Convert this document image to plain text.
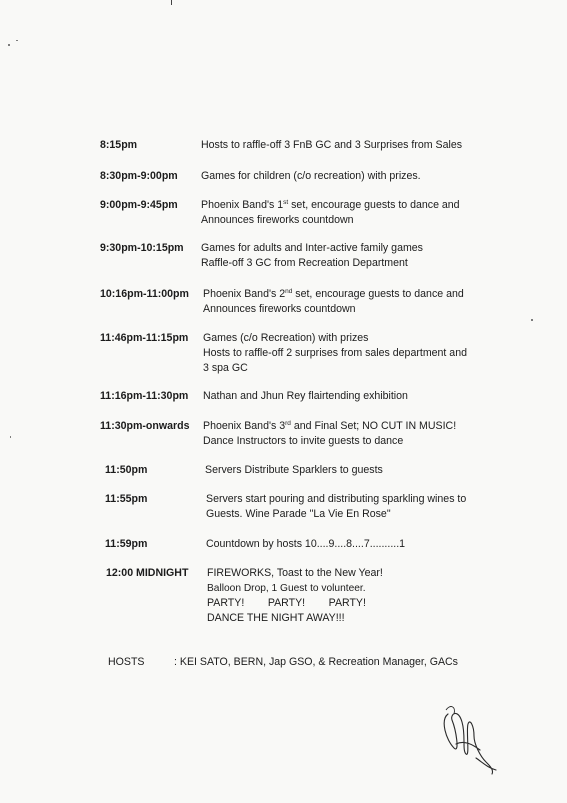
8:15pm	Hosts to raffle-off 3 FnB GC and 3 Surprises from Sales
8:30pm-9:00pm Games for children (c/o recreation) with prizes.
9:00pm-9:45pm Phoenix Band's 1st set, encourage guests to dance and
Announces fireworks countdown
9:30pm-10:15pm Games for adults and Inter-active family games
Raffle-off 3 GC from Recreation Department
10:16pm-11:00pm Phoenix Band's 2nd set, encourage guests to dance and
Announces fireworks countdown
11:46pm-11:15pm Games (c/o Recreation) with prizes
Hosts to raffle-off 2 surprises from sales department and
3 spa GC
11:16pm-11:30pm Nathan and Jhun Rey flairtending exhibition
11:30pm-onwards Phoenix Band's 3rd and Final Set; NO CUT IN MUSIC!
Dance Instructors to invite guests to dance
11:50pm	Servers Distribute Sparklers to guests
11:55pm	Servers start pouring and distributing sparkling wines to
Guests. Wine Parade "La Vie En Rose"
11:59pm	Countdown by hosts 10....9....8....7..........1
12:00 MIDNIGHT FIREWORKS, Toast to the New Year!
Balloon Drop, 1 Guest to volunteer.
PARTY!        PARTY!        PARTY!
DANCE THE NIGHT AWAY!!!
HOSTS	: KEI SATO, BERN, Jap GSO, & Recreation Manager, GACs
